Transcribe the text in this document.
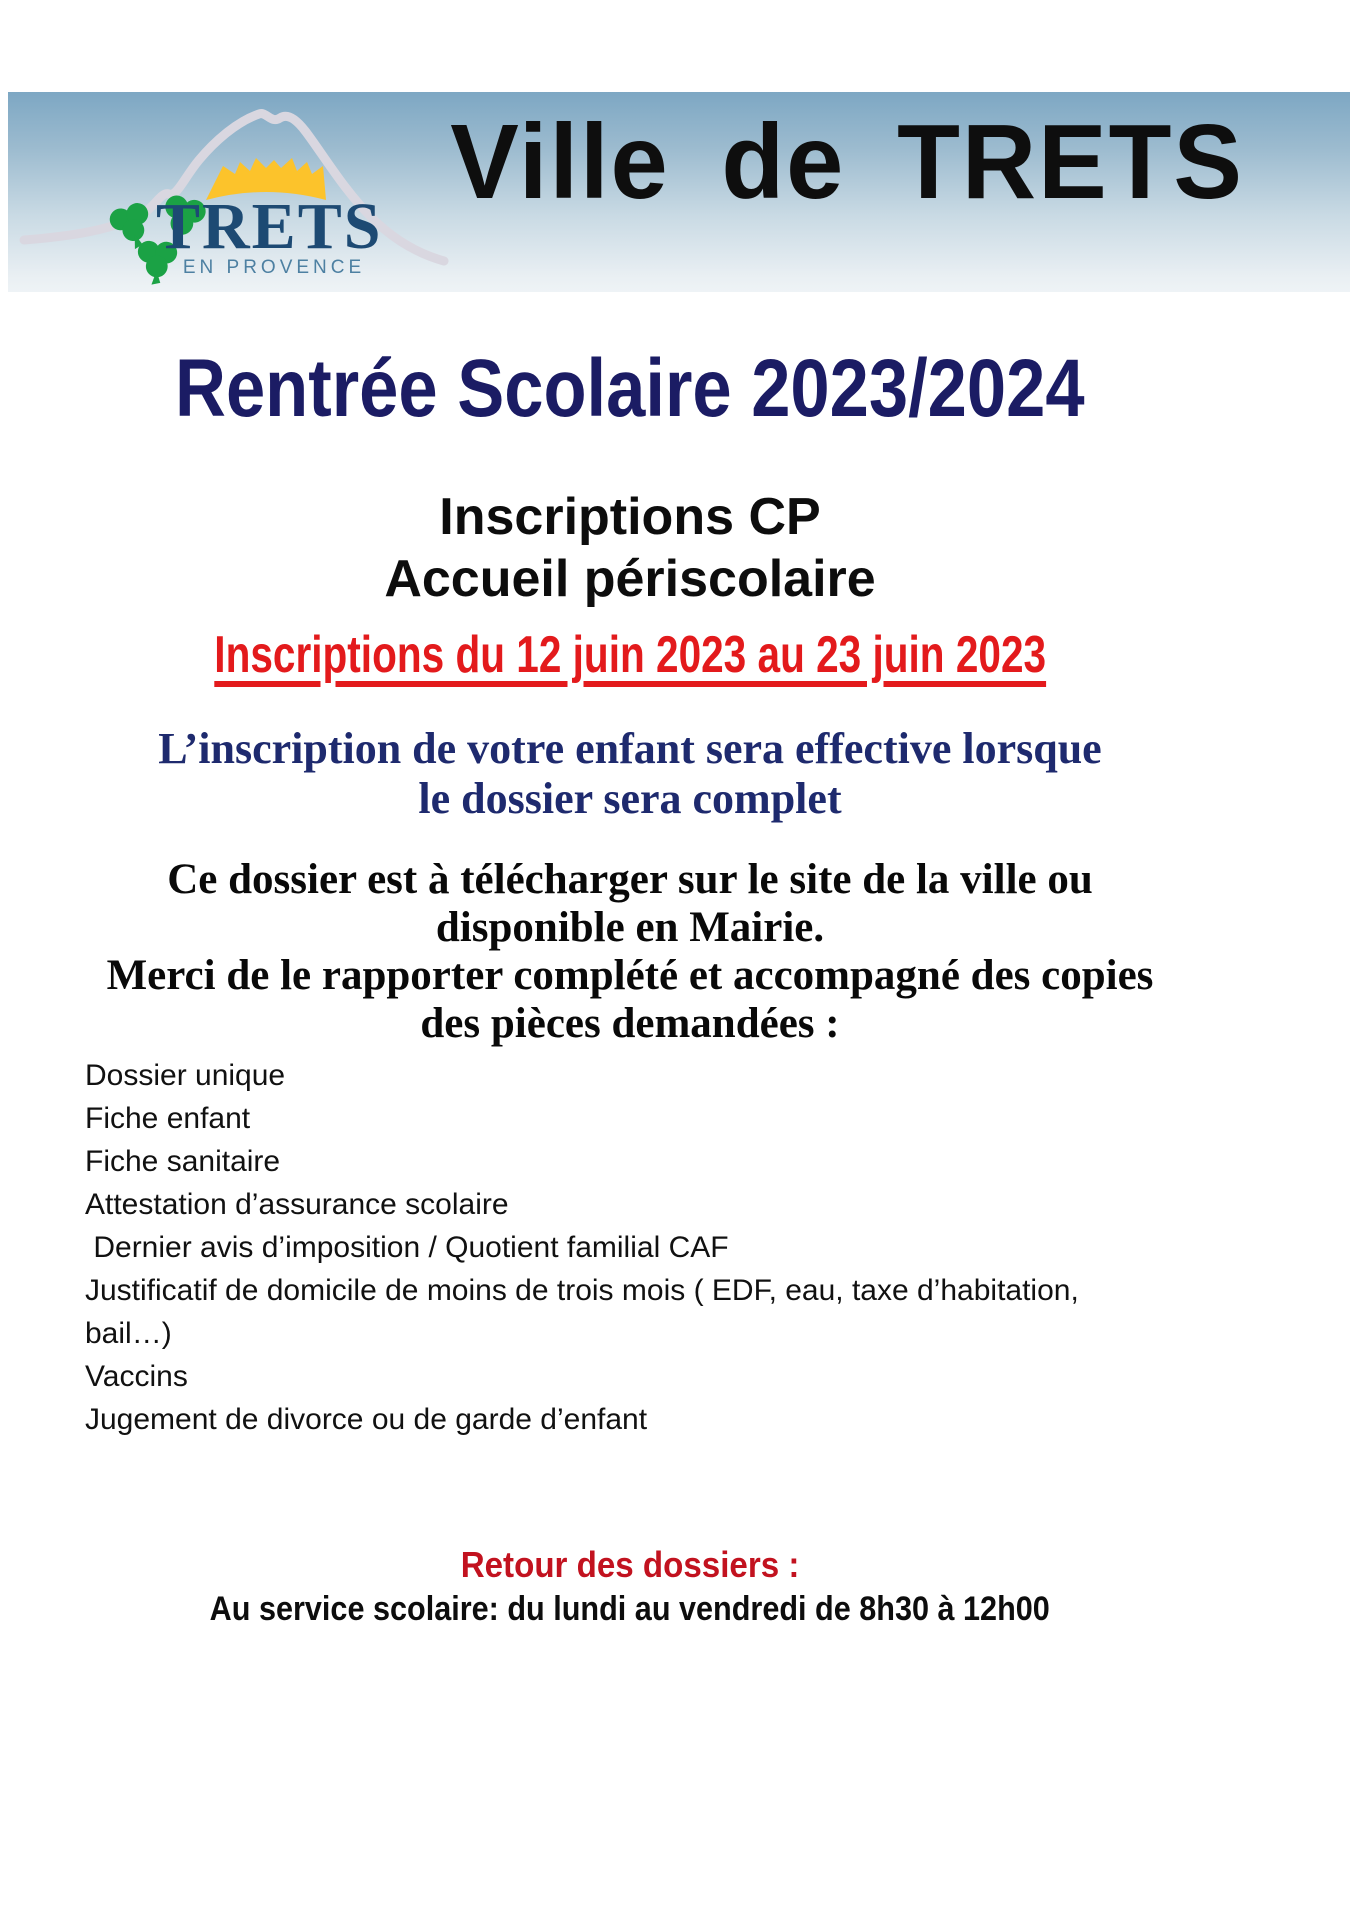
TRETS
EN PROVENCE
Ville de TRETS
Rentrée Scolaire 2023/2024
Inscriptions CP
Accueil périscolaire
Inscriptions du 12 juin 2023 au 23 juin 2023
L’inscription de votre enfant sera effective lorsque
le dossier sera complet
Ce dossier est à télécharger sur le site de la ville ou
disponible en Mairie.
Merci de le rapporter complété et accompagné des copies
des pièces demandées :
Dossier unique
Fiche enfant
Fiche sanitaire
Attestation d’assurance scolaire
Dernier avis d’imposition / Quotient familial CAF
Justificatif de domicile de moins de trois mois ( EDF, eau, taxe d’habitation, bail…)
Vaccins
Jugement de divorce ou de garde d’enfant
Retour des dossiers :
Au service scolaire: du lundi au vendredi de 8h30 à 12h00
